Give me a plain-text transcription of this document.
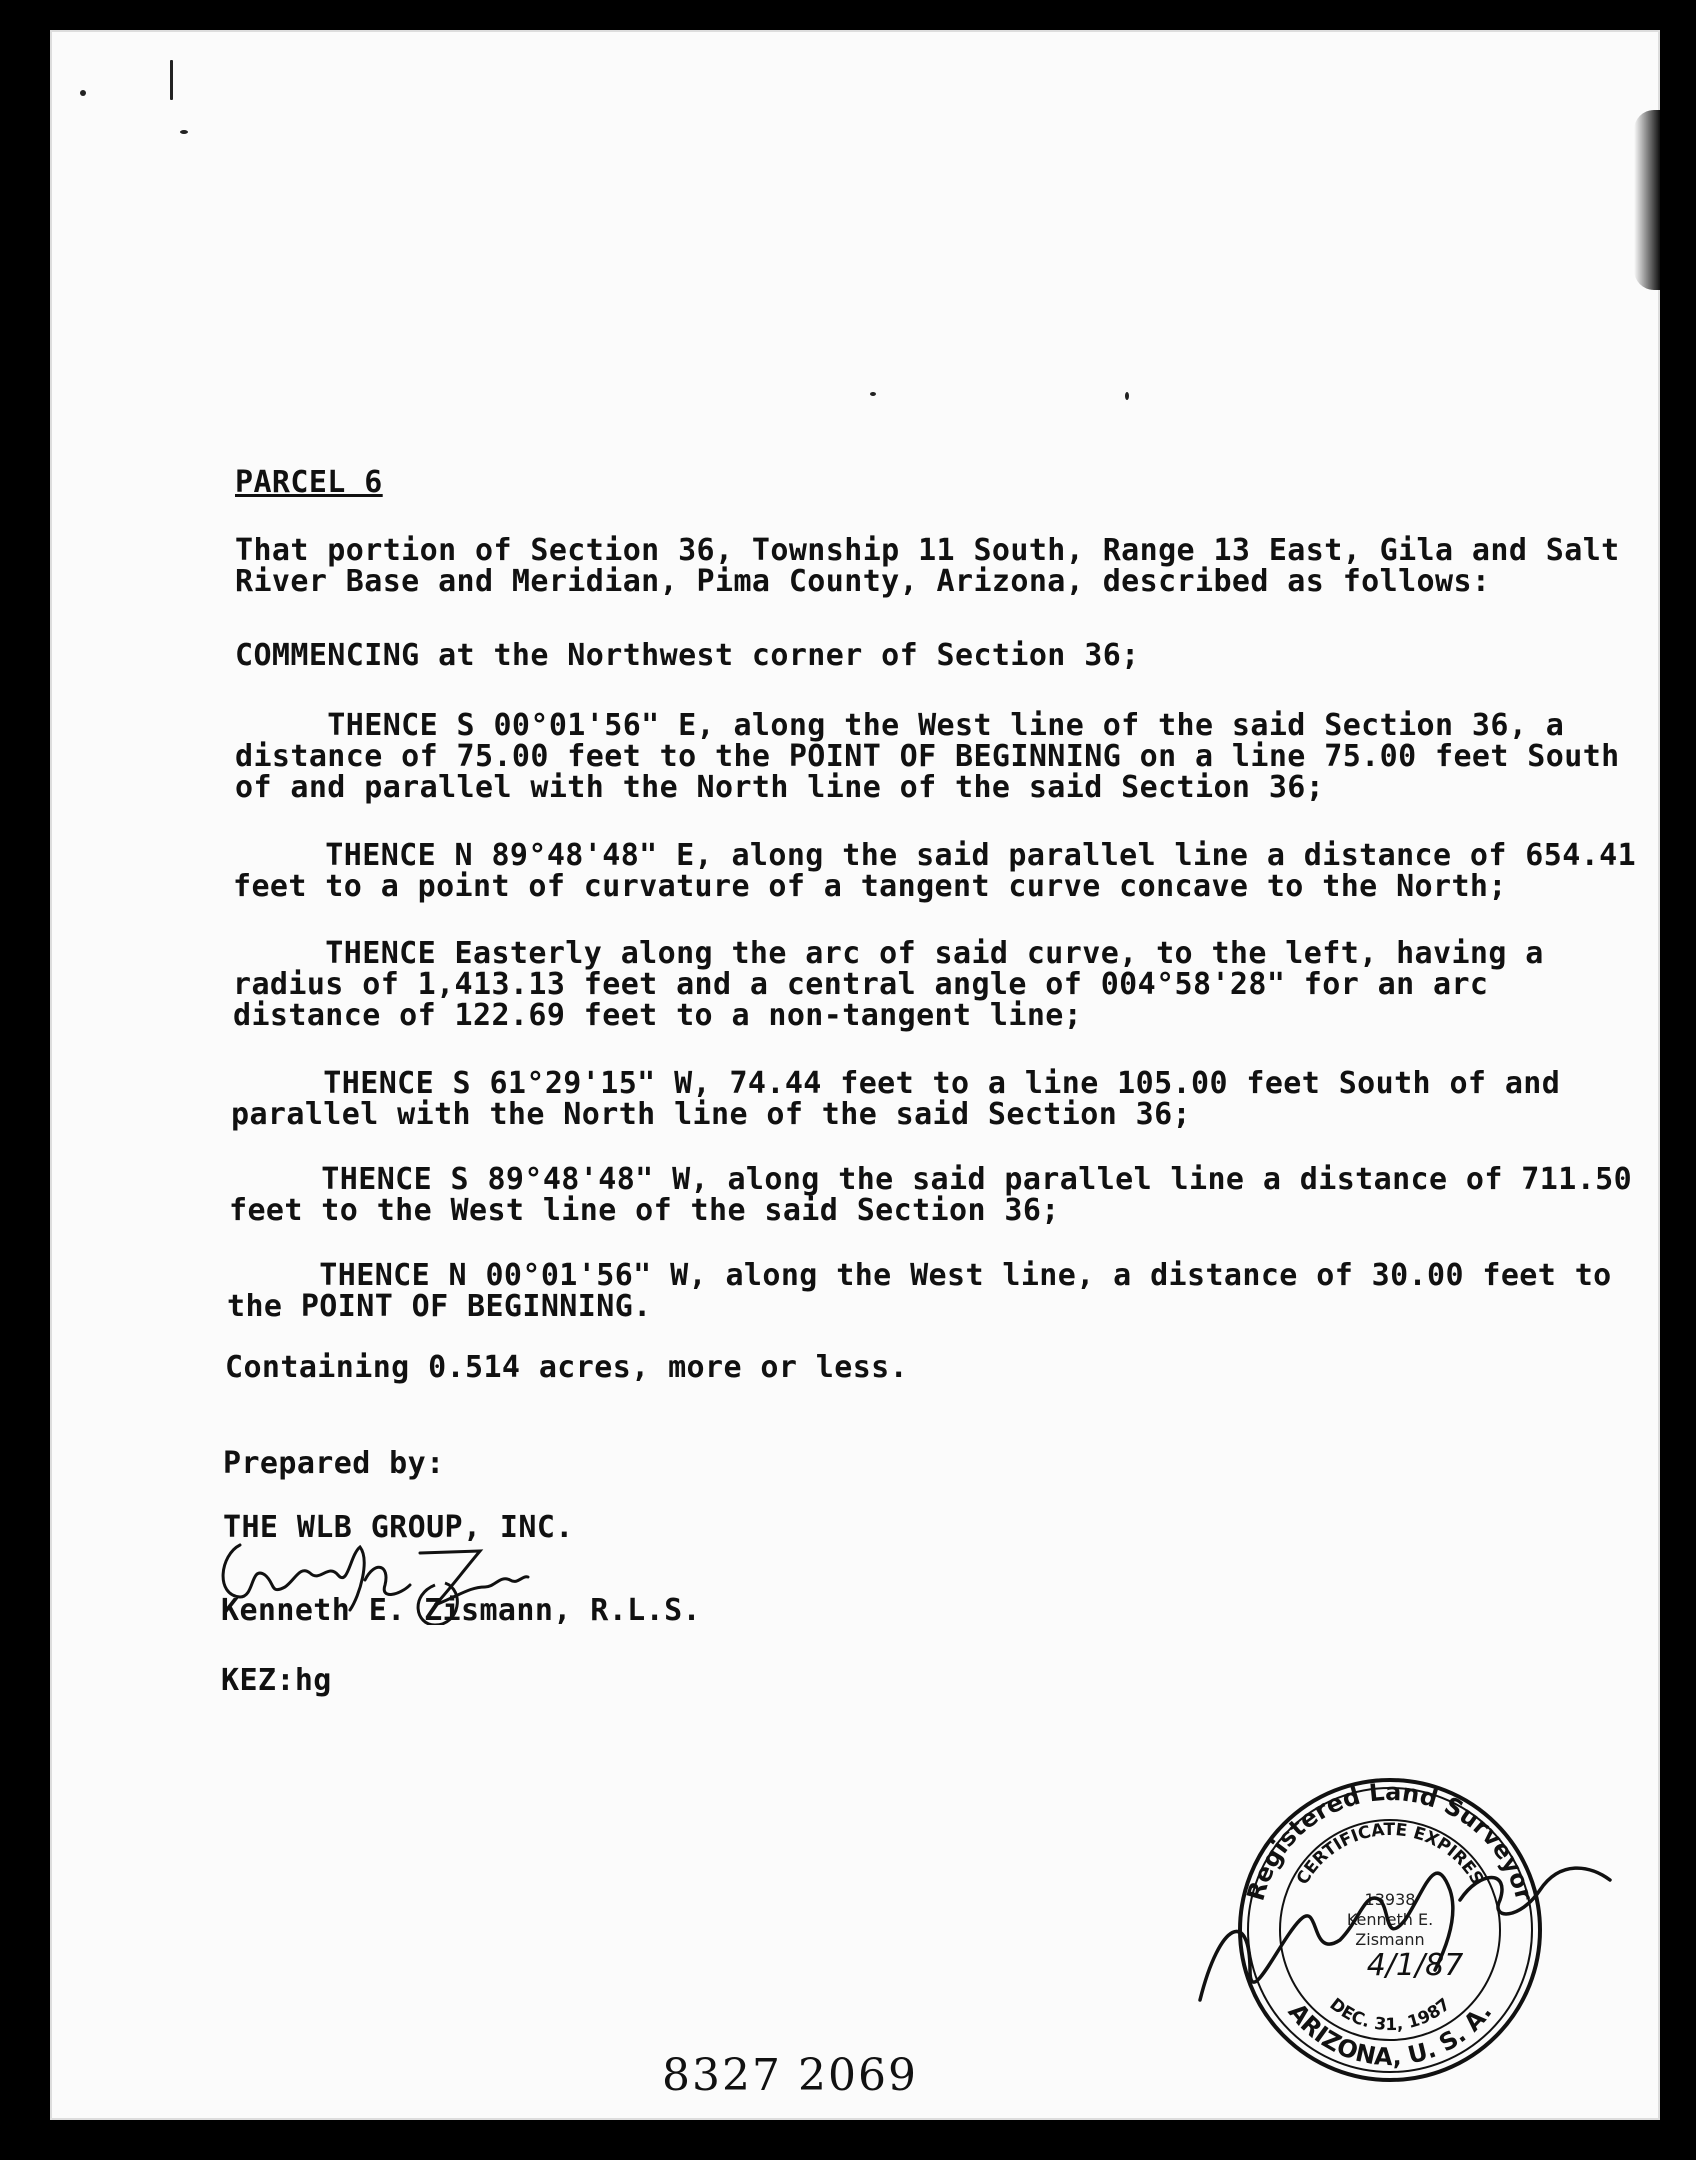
PARCEL 6
That portion of Section 36, Township 11 South, Range 13 East, Gila and Salt
River Base and Meridian, Pima County, Arizona, described as follows:
COMMENCING at the Northwest corner of Section 36;
THENCE S 00°01'56" E, along the West line of the said Section 36, a
distance of 75.00 feet to the POINT OF BEGINNING on a line 75.00 feet South
of and parallel with the North line of the said Section 36;
THENCE N 89°48'48" E, along the said parallel line a distance of 654.41
feet to a point of curvature of a tangent curve concave to the North;
THENCE Easterly along the arc of said curve, to the left, having a
radius of 1,413.13 feet and a central angle of 004°58'28" for an arc
distance of 122.69 feet to a non-tangent line;
THENCE S 61°29'15" W, 74.44 feet to a line 105.00 feet South of and
parallel with the North line of the said Section 36;
THENCE S 89°48'48" W, along the said parallel line a distance of 711.50
feet to the West line of the said Section 36;
THENCE N 00°01'56" W, along the West line, a distance of 30.00 feet to
the POINT OF BEGINNING.
Containing 0.514 acres, more or less.
Prepared by:
THE WLB GROUP, INC.
Kenneth E. Zismann, R.L.S.
KEZ:hg
Registered Land Surveyor
CERTIFICATE EXPIRES
ARIZONA, U. S. A.
DEC. 31, 1987
13938
Kenneth E.
Zismann
4/1/87
8327 2069
